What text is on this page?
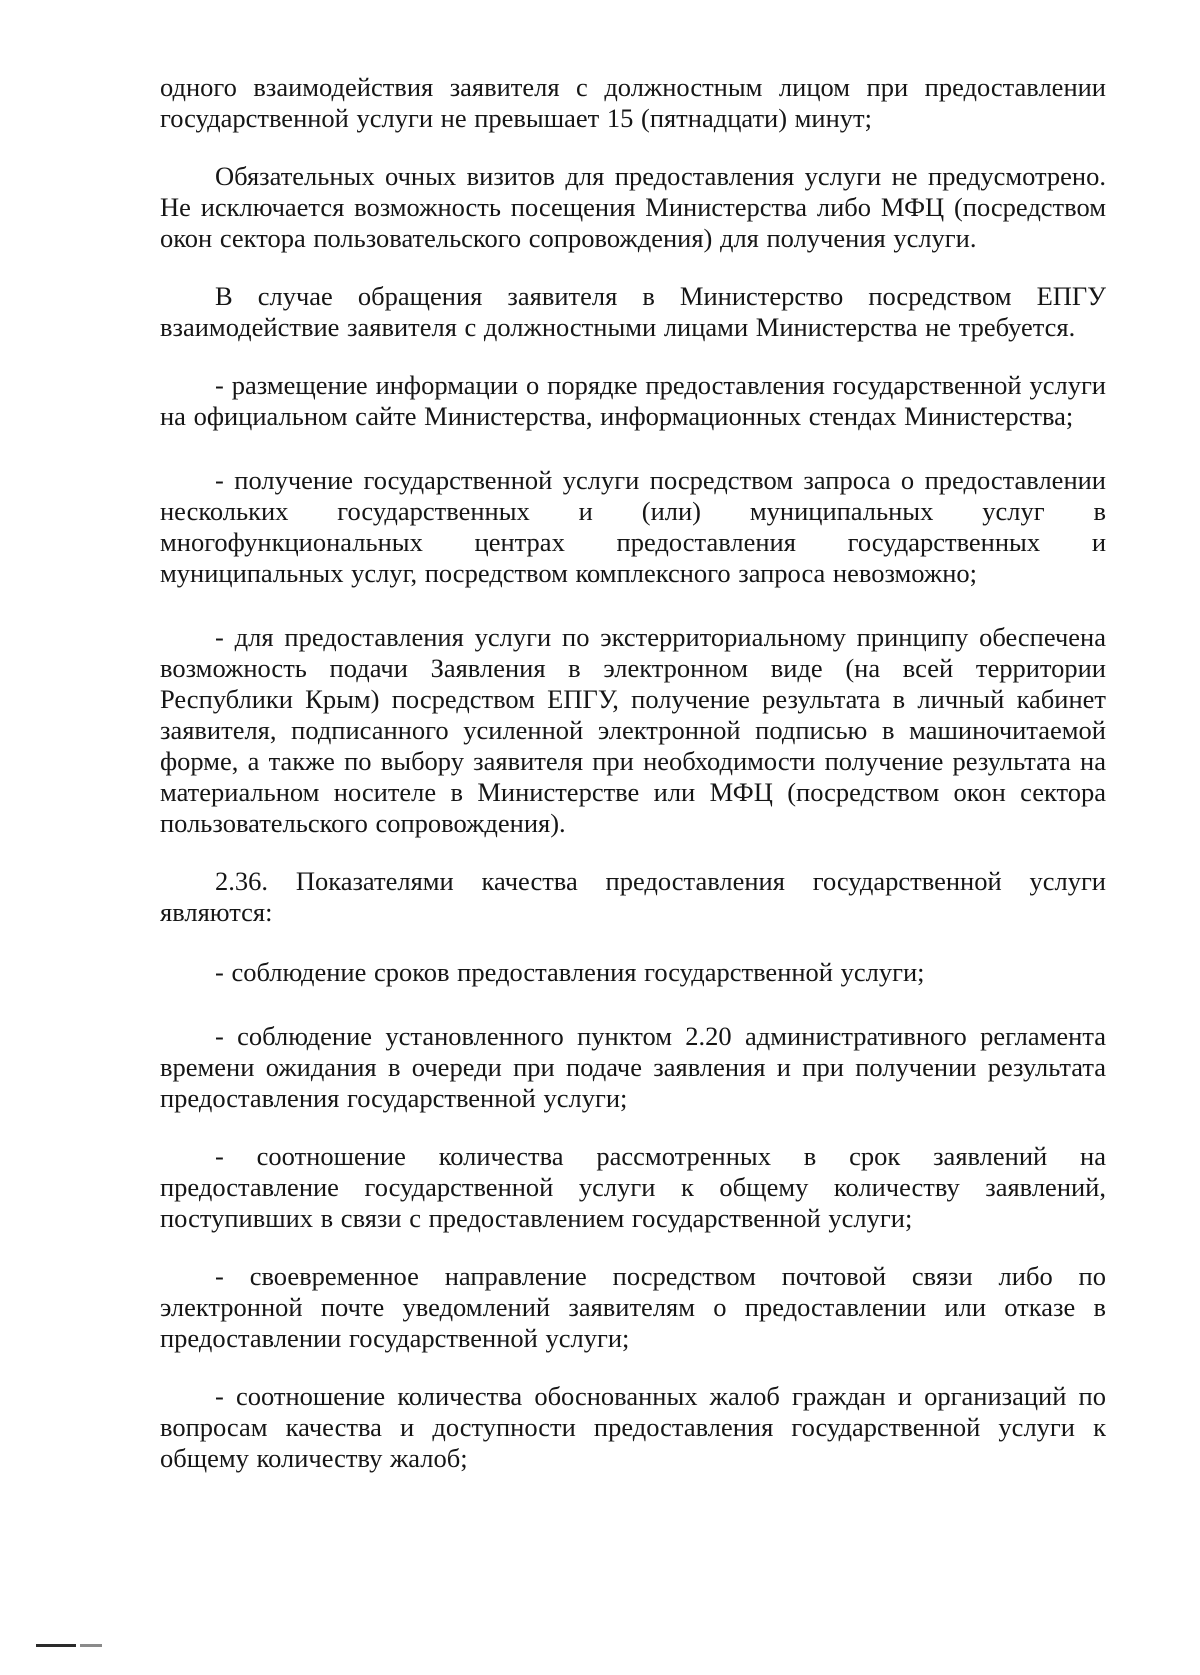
одного взаимодействия заявителя с должностным лицом при предоставлении государственной услуги не превышает 15 (пятнадцати) минут;

Обязательных очных визитов для предоставления услуги не предусмотрено. Не исключается возможность посещения Министерства либо МФЦ (посредством окон сектора пользовательского сопровождения) для получения услуги.

В случае обращения заявителя в Министерство посредством ЕПГУ взаимодействие заявителя с должностными лицами Министерства не требуется.

- размещение информации о порядке предоставления государственной услуги на официальном сайте Министерства, информационных стендах Министерства;

- получение государственной услуги посредством запроса о предоставлении нескольких государственных и (или) муниципальных услуг в многофункциональных центрах предоставления государственных и муниципальных услуг, посредством комплексного запроса невозможно;

- для предоставления услуги по экстерриториальному принципу обеспечена возможность подачи Заявления в электронном виде (на всей территории Республики Крым) посредством ЕПГУ, получение результата в личный кабинет заявителя, подписанного усиленной электронной подписью в машиночитаемой форме, а также по выбору заявителя при необходимости получение результата на материальном носителе в Министерстве или МФЦ (посредством окон сектора пользовательского сопровождения).

2.36. Показателями качества предоставления государственной услуги являются:

- соблюдение сроков предоставления государственной услуги;

- соблюдение установленного пунктом 2.20 административного регламента времени ожидания в очереди при подаче заявления и при получении результата предоставления государственной услуги;

- соотношение количества рассмотренных в срок заявлений на предоставление государственной услуги к общему количеству заявлений, поступивших в связи с предоставлением государственной услуги;

- своевременное направление посредством почтовой связи либо по электронной почте уведомлений заявителям о предоставлении или отказе в предоставлении государственной услуги;

- соотношение количества обоснованных жалоб граждан и организаций по вопросам качества и доступности предоставления государственной услуги к общему количеству жалоб;
